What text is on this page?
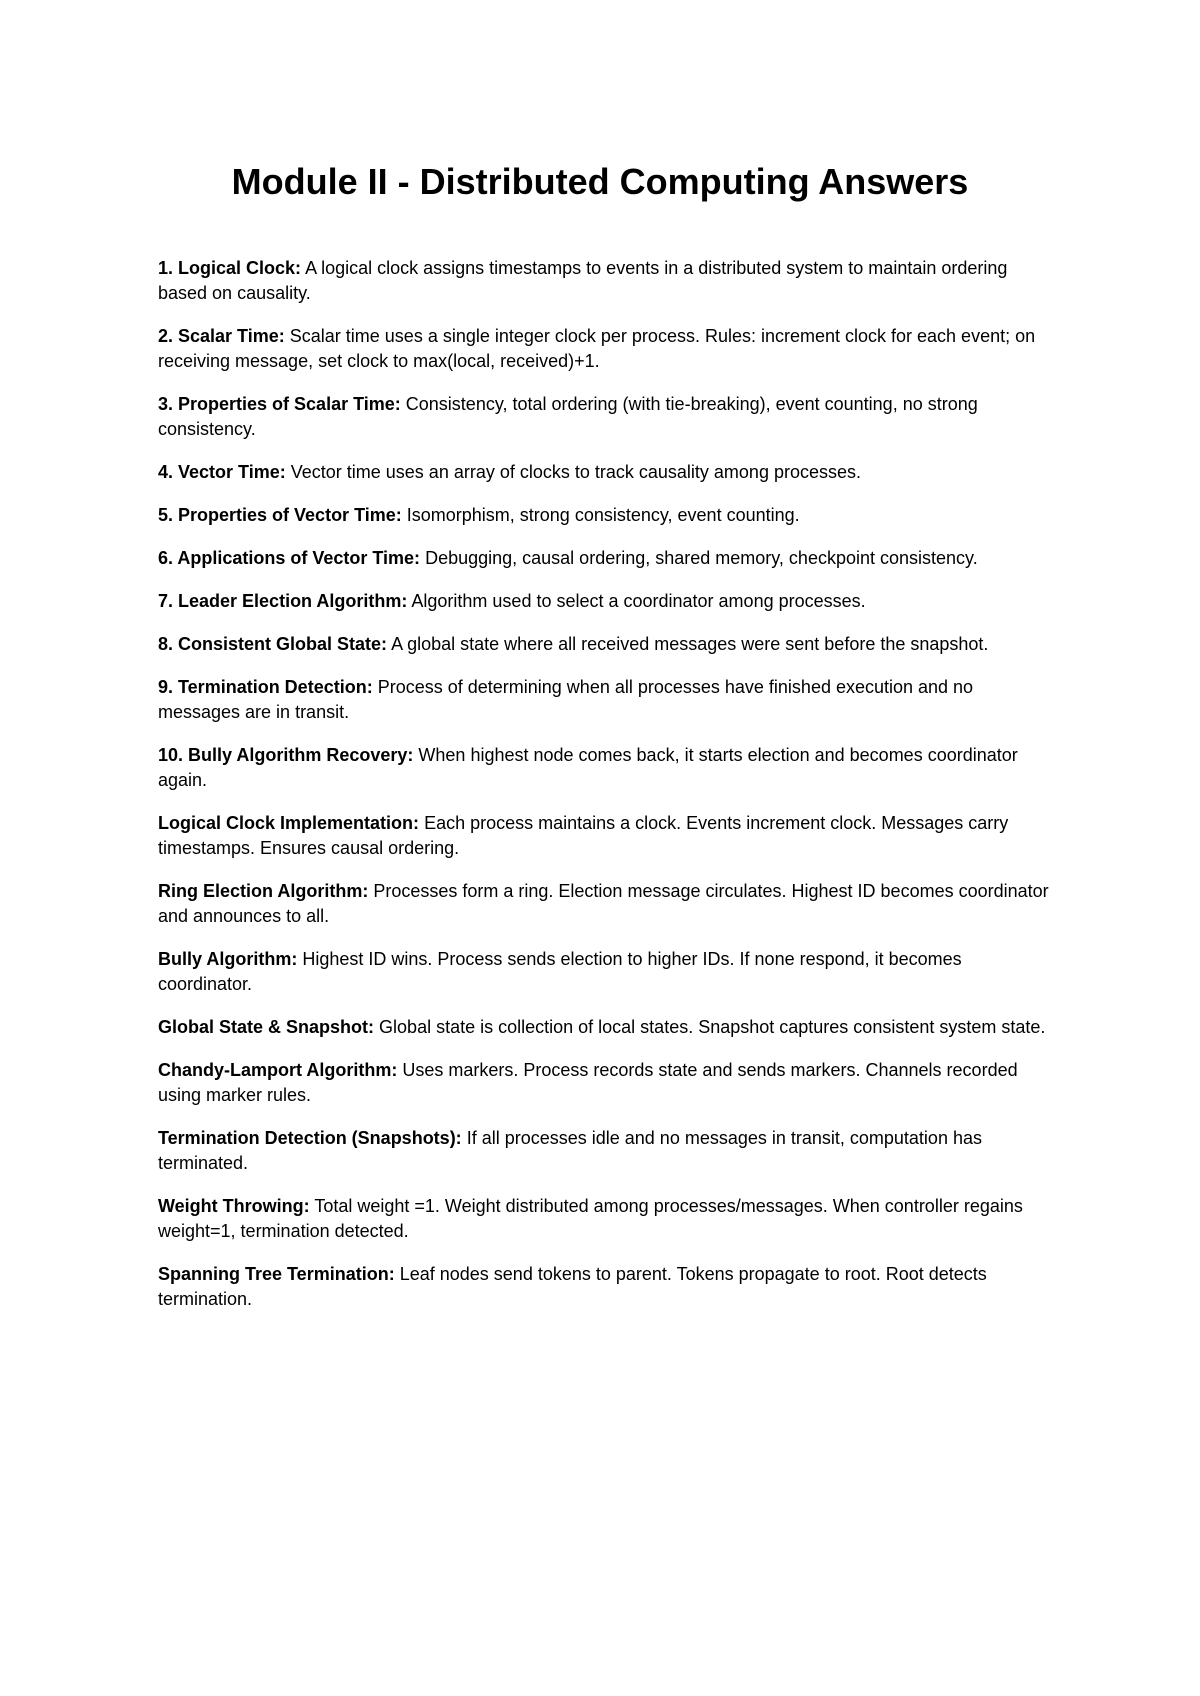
Module II - Distributed Computing Answers

1. Logical Clock: A logical clock assigns timestamps to events in a distributed system to maintain ordering based on causality.

2. Scalar Time: Scalar time uses a single integer clock per process. Rules: increment clock for each event; on receiving message, set clock to max(local, received)+1.

3. Properties of Scalar Time: Consistency, total ordering (with tie-breaking), event counting, no strong consistency.

4. Vector Time: Vector time uses an array of clocks to track causality among processes.

5. Properties of Vector Time: Isomorphism, strong consistency, event counting.

6. Applications of Vector Time: Debugging, causal ordering, shared memory, checkpoint consistency.

7. Leader Election Algorithm: Algorithm used to select a coordinator among processes.

8. Consistent Global State: A global state where all received messages were sent before the snapshot.

9. Termination Detection: Process of determining when all processes have finished execution and no messages are in transit.

10. Bully Algorithm Recovery: When highest node comes back, it starts election and becomes coordinator again.

Logical Clock Implementation: Each process maintains a clock. Events increment clock. Messages carry timestamps. Ensures causal ordering.

Ring Election Algorithm: Processes form a ring. Election message circulates. Highest ID becomes coordinator and announces to all.

Bully Algorithm: Highest ID wins. Process sends election to higher IDs. If none respond, it becomes coordinator.

Global State & Snapshot: Global state is collection of local states. Snapshot captures consistent system state.

Chandy-Lamport Algorithm: Uses markers. Process records state and sends markers. Channels recorded using marker rules.

Termination Detection (Snapshots): If all processes idle and no messages in transit, computation has terminated.

Weight Throwing: Total weight =1. Weight distributed among processes/messages. When controller regains weight=1, termination detected.

Spanning Tree Termination: Leaf nodes send tokens to parent. Tokens propagate to root. Root detects termination.
